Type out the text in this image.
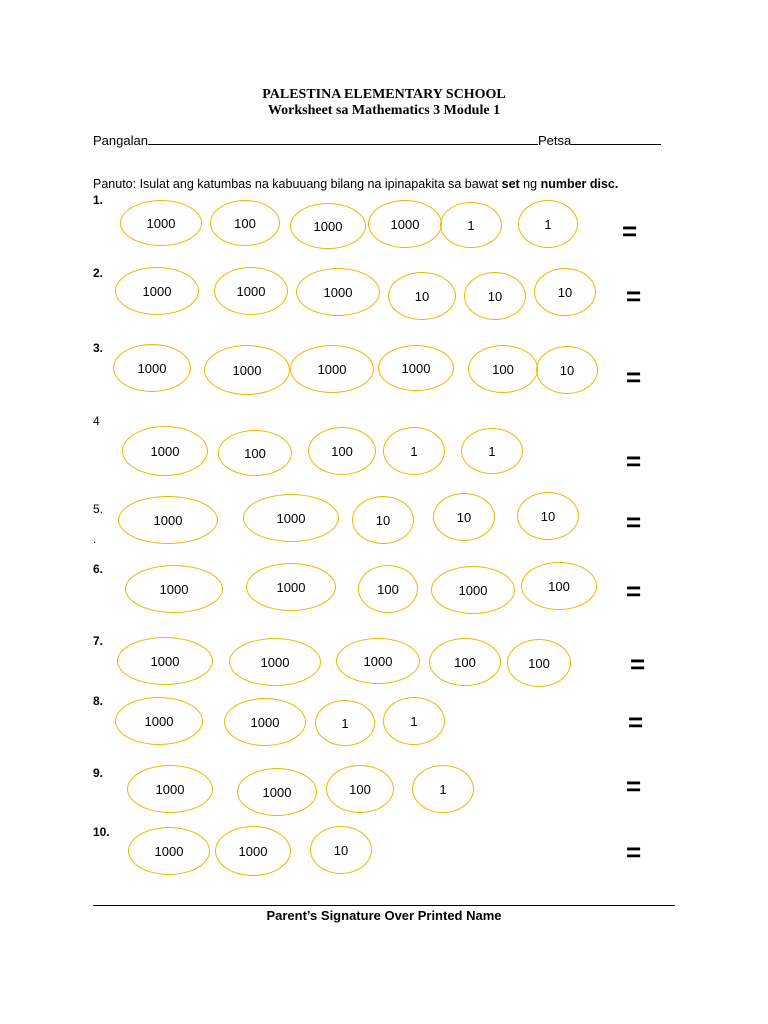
PALESTINA ELEMENTARY SCHOOL
Worksheet sa Mathematics 3 Module 1
Pangalan	Petsa
Panuto: Isulat ang katumbas na kabuuang bilang na ipinapakita sa bawat set ng number disc.
1.
1000	100	1000	1000	1	1	=
2.
1000	1000	1000	10	10	10	=
3.
1000	1000	1000	1000	100	10	=
4
1000	100	100	1	1	=
5.
1000	1000	10	10	10	=
6.
1000	1000	100	1000	100	=
7.
1000	1000	1000	100	100	=
8.
1000	1000	1	1	=
9.
1000	1000	100	1	=
10.
1000	1000	10	=
.
Parent’s Signature Over Printed Name
